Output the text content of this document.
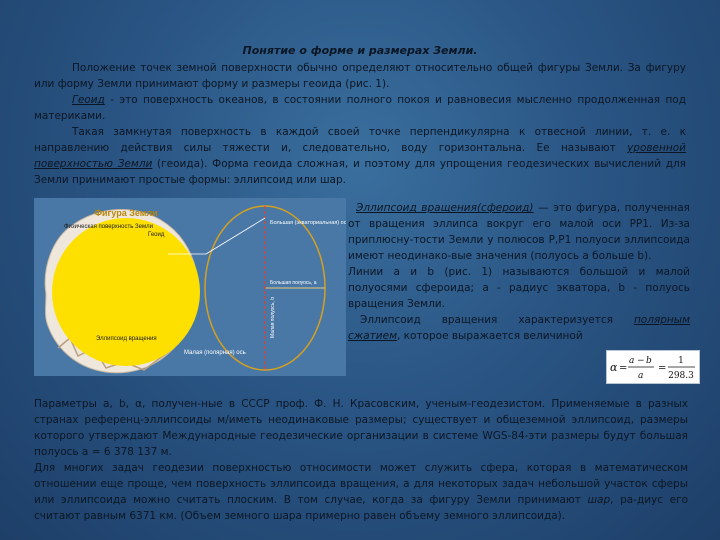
Понятие о форме и размерах Земли.
Положение точек земной поверхности обычно определяют относительно общей фигуры Земли. За фигуру или форму Земли принимают форму и размеры геоида (рис. 1).
Геоид - это поверхность океанов, в состоянии полного покоя и равновесия мысленно продолженная под материками.
Такая замкнутая поверхность в каждой своей точке перпендикулярна к отвесной линии, т. е. к направлению действия силы тяжести и, следовательно, воду горизонтальна. Ее называют уровенной поверхностью Земли (геоида). Форма геоида сложная, и поэтому для упрощения геодезических вычислений для Земли принимают простые формы: эллипсоид или шар.
Фигура Земли
Физическая поверхность Земли
Геоид
Большая (экваториальная) ось
Большая полуось, a
Малая полуось, b
Эллипсоид вращения
Малая (полярная) ось
Эллипсоид вращения(сфероид) — это фигура, полученная от вращения эллипса вокруг его малой оси PP1. Из-за приплюсну-тости Земли у полюсов P,P1 полуоси эллипсоида имеют неодинако-вые значения (полуось a больше b).
Линии a и b (рис. 1) называются большой и малой полуосями сфероида; a - радиус экватора, b - полуось вращения Земли.
Эллипсоид вращения характеризуется полярным сжатием, которое выражается величиной
α =
a − b
a
=
1
298.3
Параметры a, b, α, получен-ные в СССР проф. Ф. Н. Красовским, ученым-геодезистом. Применяемые в разных странах референц-эллипсоиды м/иметь неодинаковые размеры; существует и общеземной эллипсоид, размеры которого утверждают Международные геодезические организации в системе WGS-84-эти размеры будут большая полуось a = 6 378 137 м.
Для многих задач геодезии поверхностью относимости может служить сфера, которая в математическом отношении еще проще, чем поверхность эллипсоида вращения, а для некоторых задач небольшой участок сферы или эллипсоида можно считать плоским. В том случае, когда за фигуру Земли принимают шар, ра-диус его считают равным 6371 км. (Объем земного шара примерно равен объему земного эллипсоида).
